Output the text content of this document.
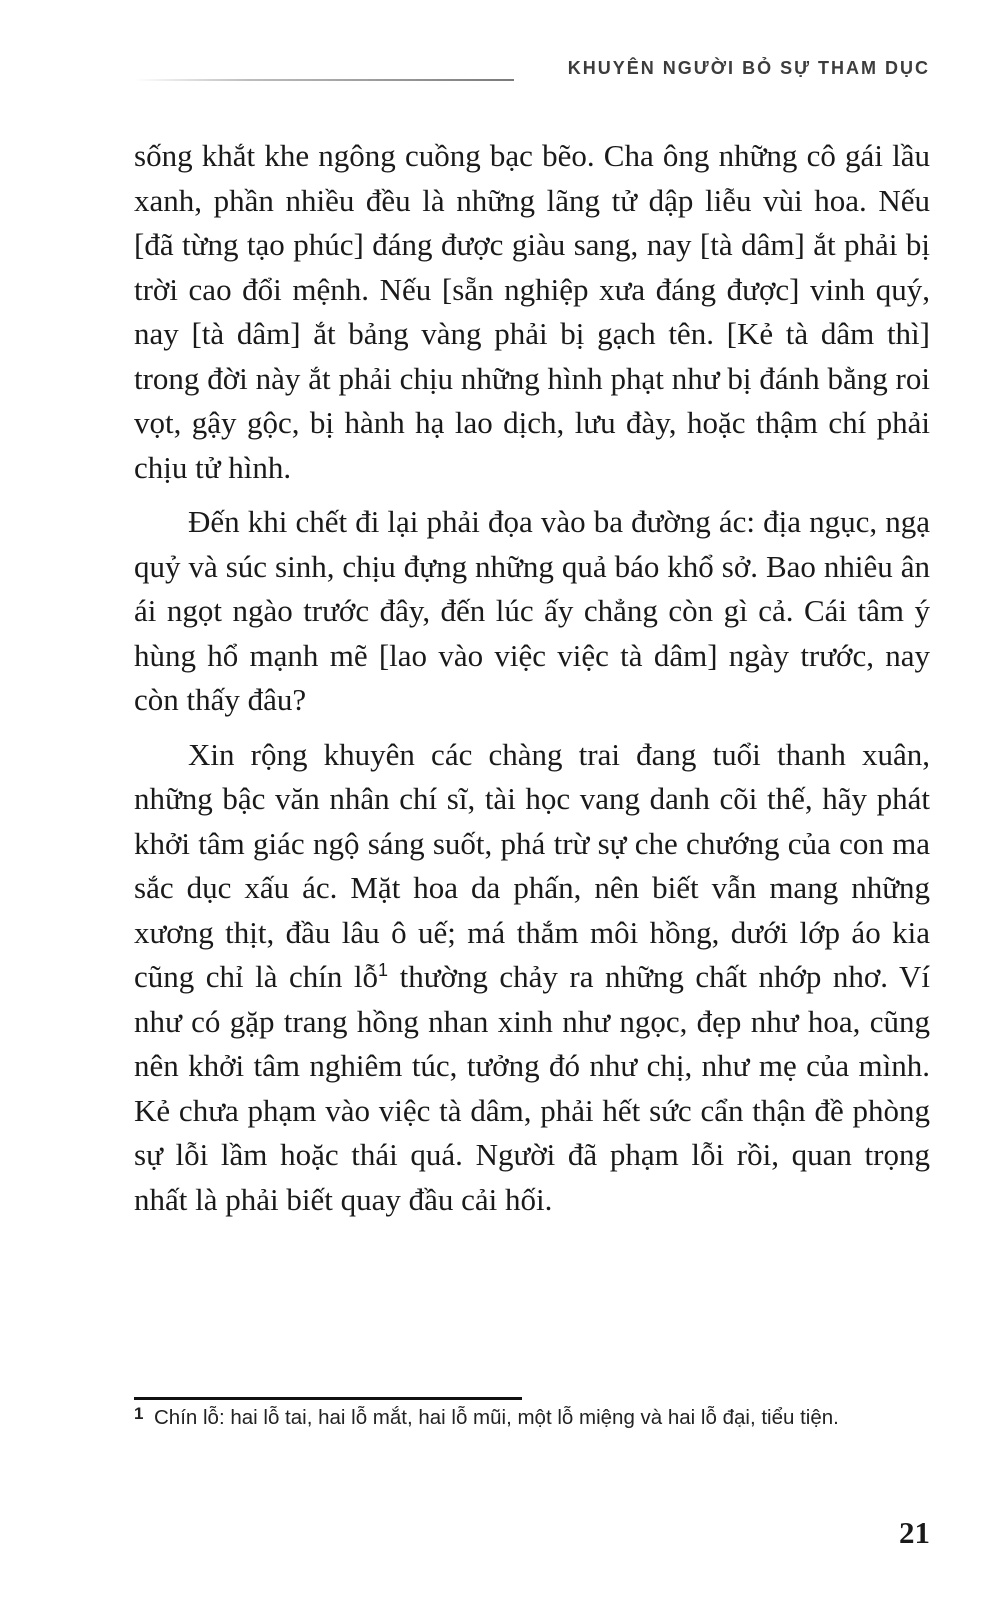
KHUYÊN NGƯỜI BỎ SỰ THAM DỤC

sống khắt khe ngông cuồng bạc bẽo. Cha ông những cô gái lầu xanh, phần nhiều đều là những lãng tử dập liễu vùi hoa. Nếu [đã từng tạo phúc] đáng được giàu sang, nay [tà dâm] ắt phải bị trời cao đổi mệnh. Nếu [sẵn nghiệp xưa đáng được] vinh quý, nay [tà dâm] ắt bảng vàng phải bị gạch tên. [Kẻ tà dâm thì] trong đời này ắt phải chịu những hình phạt như bị đánh bằng roi vọt, gậy gộc, bị hành hạ lao dịch, lưu đày, hoặc thậm chí phải chịu tử hình.

Đến khi chết đi lại phải đọa vào ba đường ác: địa ngục, ngạ quỷ và súc sinh, chịu đựng những quả báo khổ sở. Bao nhiêu ân ái ngọt ngào trước đây, đến lúc ấy chẳng còn gì cả. Cái tâm ý hùng hổ mạnh mẽ [lao vào việc việc tà dâm] ngày trước, nay còn thấy đâu?

Xin rộng khuyên các chàng trai đang tuổi thanh xuân, những bậc văn nhân chí sĩ, tài học vang danh cõi thế, hãy phát khởi tâm giác ngộ sáng suốt, phá trừ sự che chướng của con ma sắc dục xấu ác. Mặt hoa da phấn, nên biết vẫn mang những xương thịt, đầu lâu ô uế; má thắm môi hồng, dưới lớp áo kia cũng chỉ là chín lỗ$^1$ thường chảy ra những chất nhớp nhơ. Ví như có gặp trang hồng nhan xinh như ngọc, đẹp như hoa, cũng nên khởi tâm nghiêm túc, tưởng đó như chị, như mẹ của mình. Kẻ chưa phạm vào việc tà dâm, phải hết sức cẩn thận đề phòng sự lỗi lầm hoặc thái quá. Người đã phạm lỗi rồi, quan trọng nhất là phải biết quay đầu cải hối.

1 Chín lỗ: hai lỗ tai, hai lỗ mắt, hai lỗ mũi, một lỗ miệng và hai lỗ đại, tiểu tiện.
21
